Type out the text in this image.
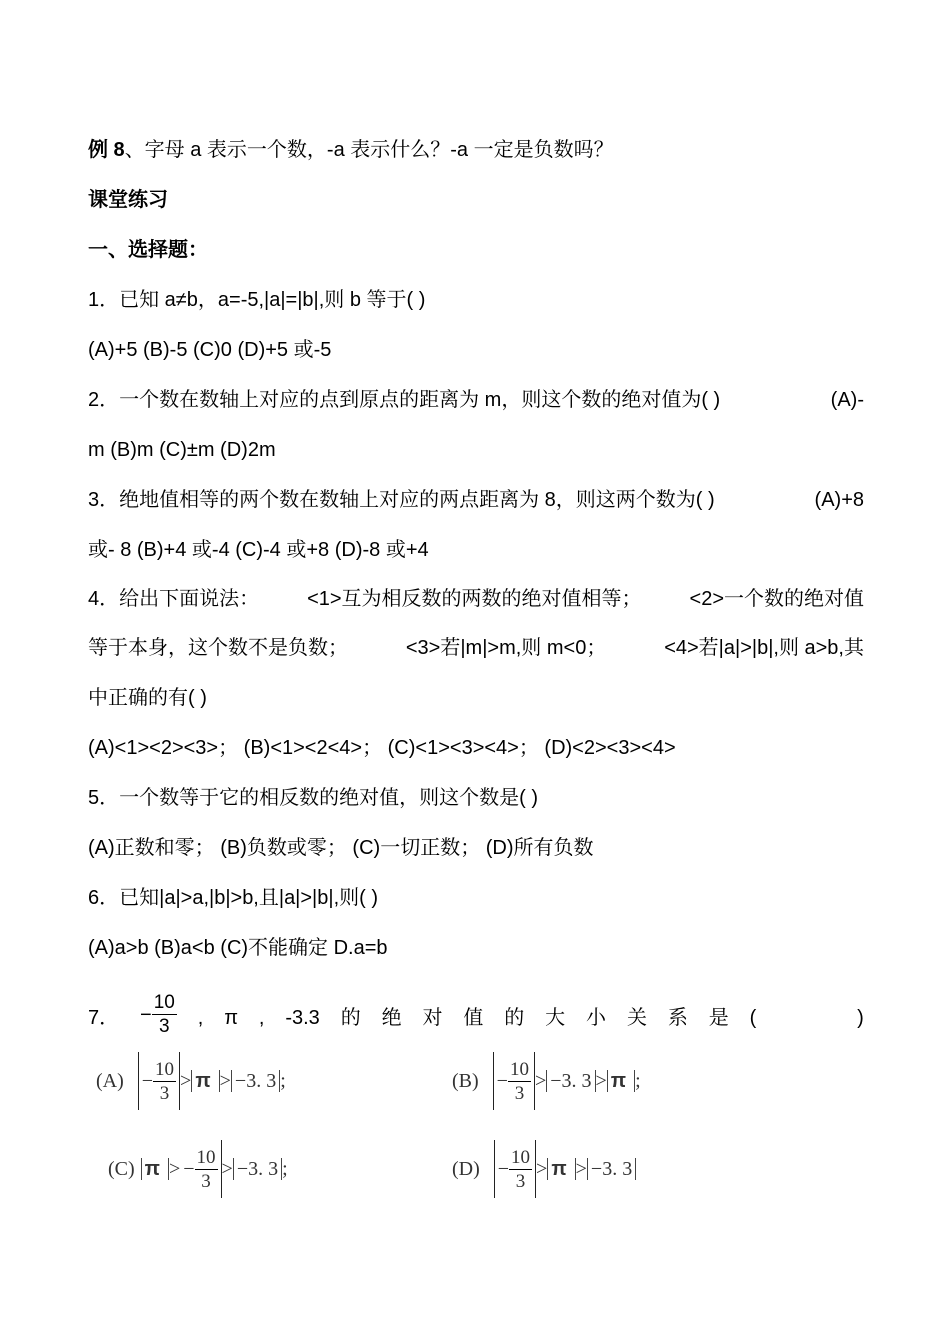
例 8、字母 a 表示一个数，-a 表示什么？-a 一定是负数吗？
课堂练习
一、选择题：
1．已知 a≠b，a=-5,|a|=|b|,则 b 等于( )
(A)+5 (B)-5 (C)0 (D)+5 或-5
2．一个数在数轴上对应的点到原点的距离为 m，则这个数的绝对值为( )	(A)-
m (B)m (C)±m (D)2m
3．绝地值相等的两个数在数轴上对应的两点距离为 8，则这两个数为( )	(A)+8
或- 8 (B)+4 或-4 (C)-4 或+8 (D)-8 或+4
4．给出下面说法： <1>互为相反数的两数的绝对值相等； <2>一个数的绝对值
等于本身，这个数不是负数；	<3>若|m|>m,则 m<0；	<4>若|a|>|b|,则 a>b,其
中正确的有( )
(A)<1><2><3>； (B)<1><2<4>； (C)<1><3><4>； (D)<2><3><4>
5．一个数等于它的相反数的绝对值，则这个数是( )
(A)正数和零； (B)负数或零； (C)一切正数； (D)所有负数
6．已知|a|>a,|b|>b,且|a|>|b|,则( )
(A)a>b (B)a<b (C)不能确定 D.a=b
7． − $\frac{10}{3}$ , π , -3.3 的 绝 对 值 的 大 小 关 系 是 (	)
$(A) - \frac{10}{3} > \pi$
> −3. 3 ;	$(B) - \frac{10}{3} > -3$. 3 > π
;
(C) π
> − $\frac{10}{3} > -3$. 3 ;	$(D) - \frac{10}{3} > \pi$
> −3. 3
